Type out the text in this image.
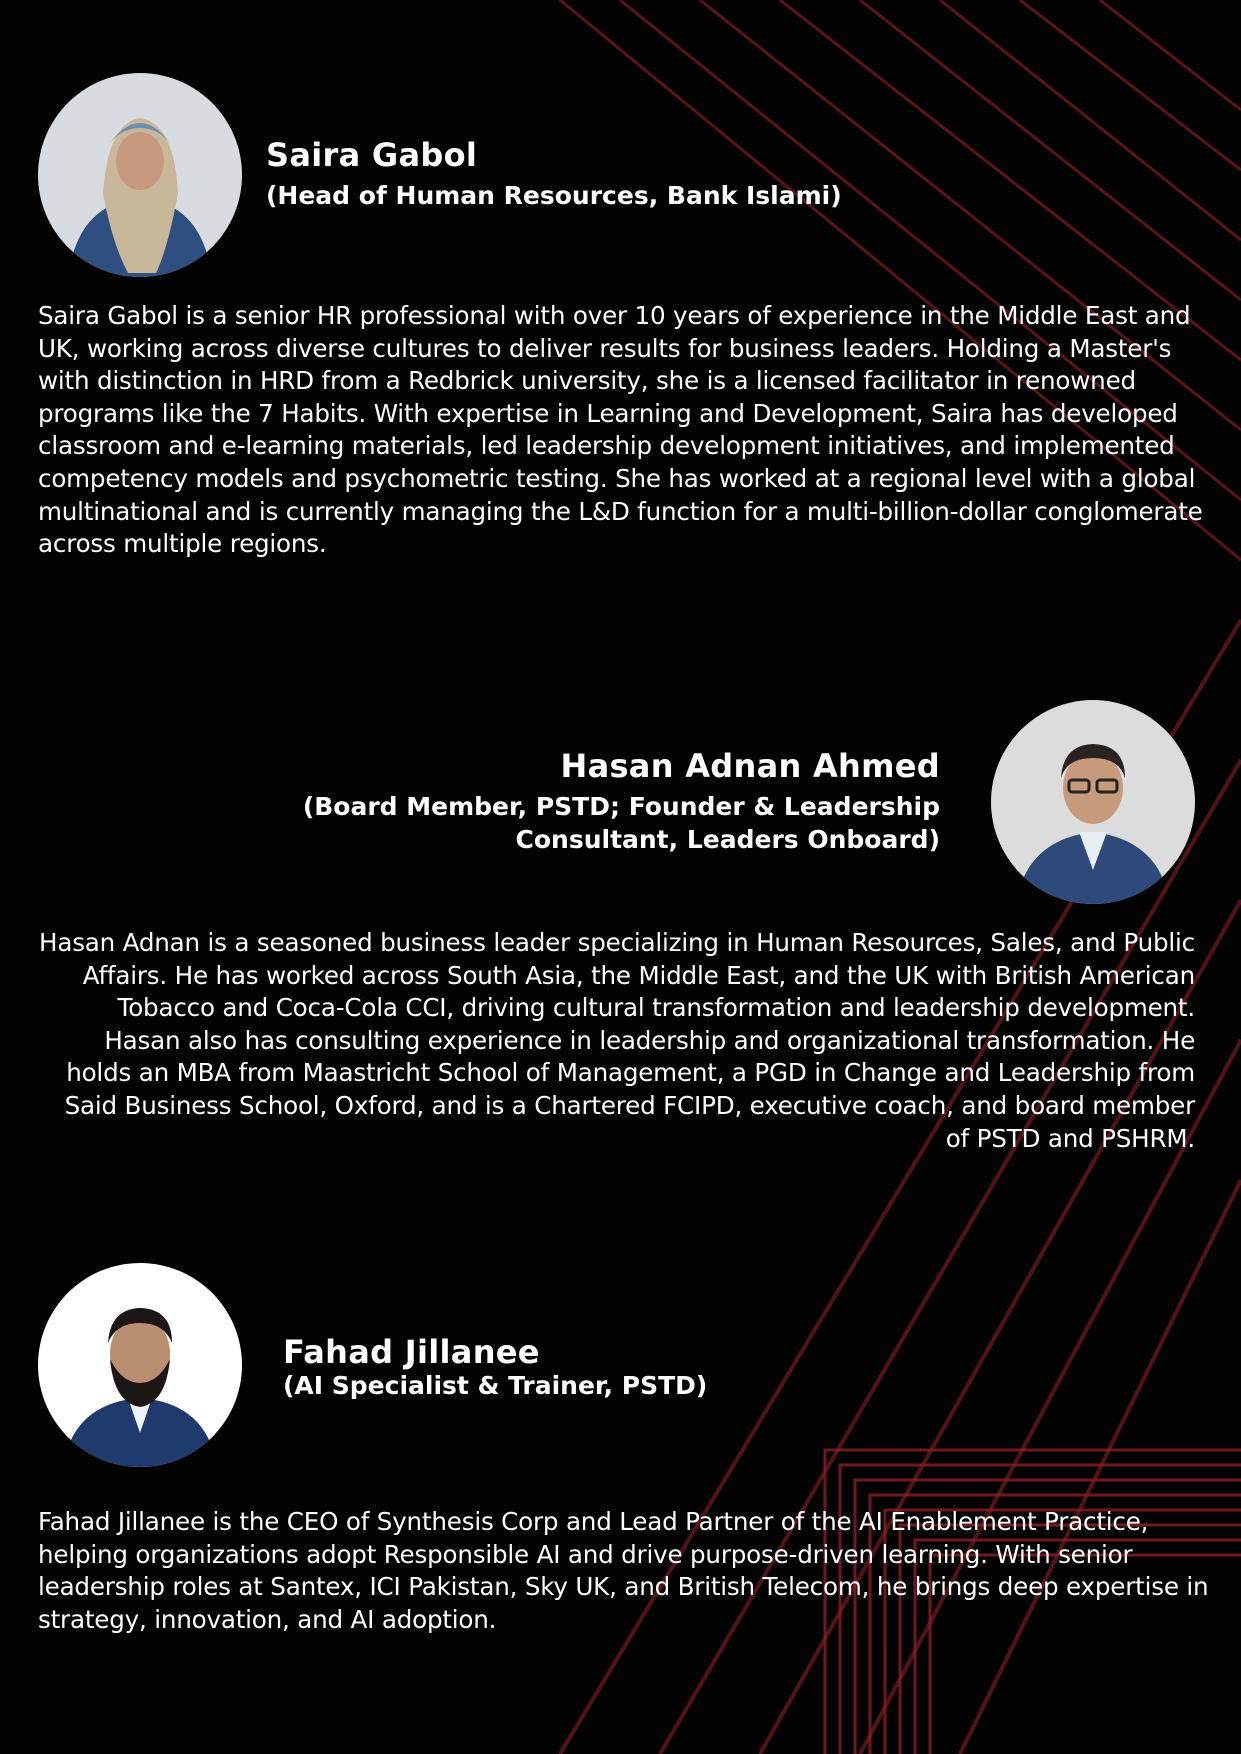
Saira Gabol
(Head of Human Resources, Bank Islami)
Saira Gabol is a senior HR professional with over 10 years of experience in the Middle East and UK, working across diverse cultures to deliver results for business leaders. Holding a Master's with distinction in HRD from a Redbrick university, she is a licensed facilitator in renowned programs like the 7 Habits. With expertise in Learning and Development, Saira has developed classroom and e-learning materials, led leadership development initiatives, and implemented competency models and psychometric testing. She has worked at a regional level with a global multinational and is currently managing the L&D function for a multi-billion-dollar conglomerate across multiple regions.
Hasan Adnan Ahmed
(Board Member, PSTD; Founder & Leadership Consultant, Leaders Onboard)
Hasan Adnan is a seasoned business leader specializing in Human Resources, Sales, and Public Affairs. He has worked across South Asia, the Middle East, and the UK with British American Tobacco and Coca-Cola CCI, driving cultural transformation and leadership development. Hasan also has consulting experience in leadership and organizational transformation. He holds an MBA from Maastricht School of Management, a PGD in Change and Leadership from Said Business School, Oxford, and is a Chartered FCIPD, executive coach, and board member of PSTD and PSHRM.
Fahad Jillanee
(AI Specialist & Trainer, PSTD)
Fahad Jillanee is the CEO of Synthesis Corp and Lead Partner of the AI Enablement Practice, helping organizations adopt Responsible AI and drive purpose-driven learning. With senior leadership roles at Santex, ICI Pakistan, Sky UK, and British Telecom, he brings deep expertise in strategy, innovation, and AI adoption.
